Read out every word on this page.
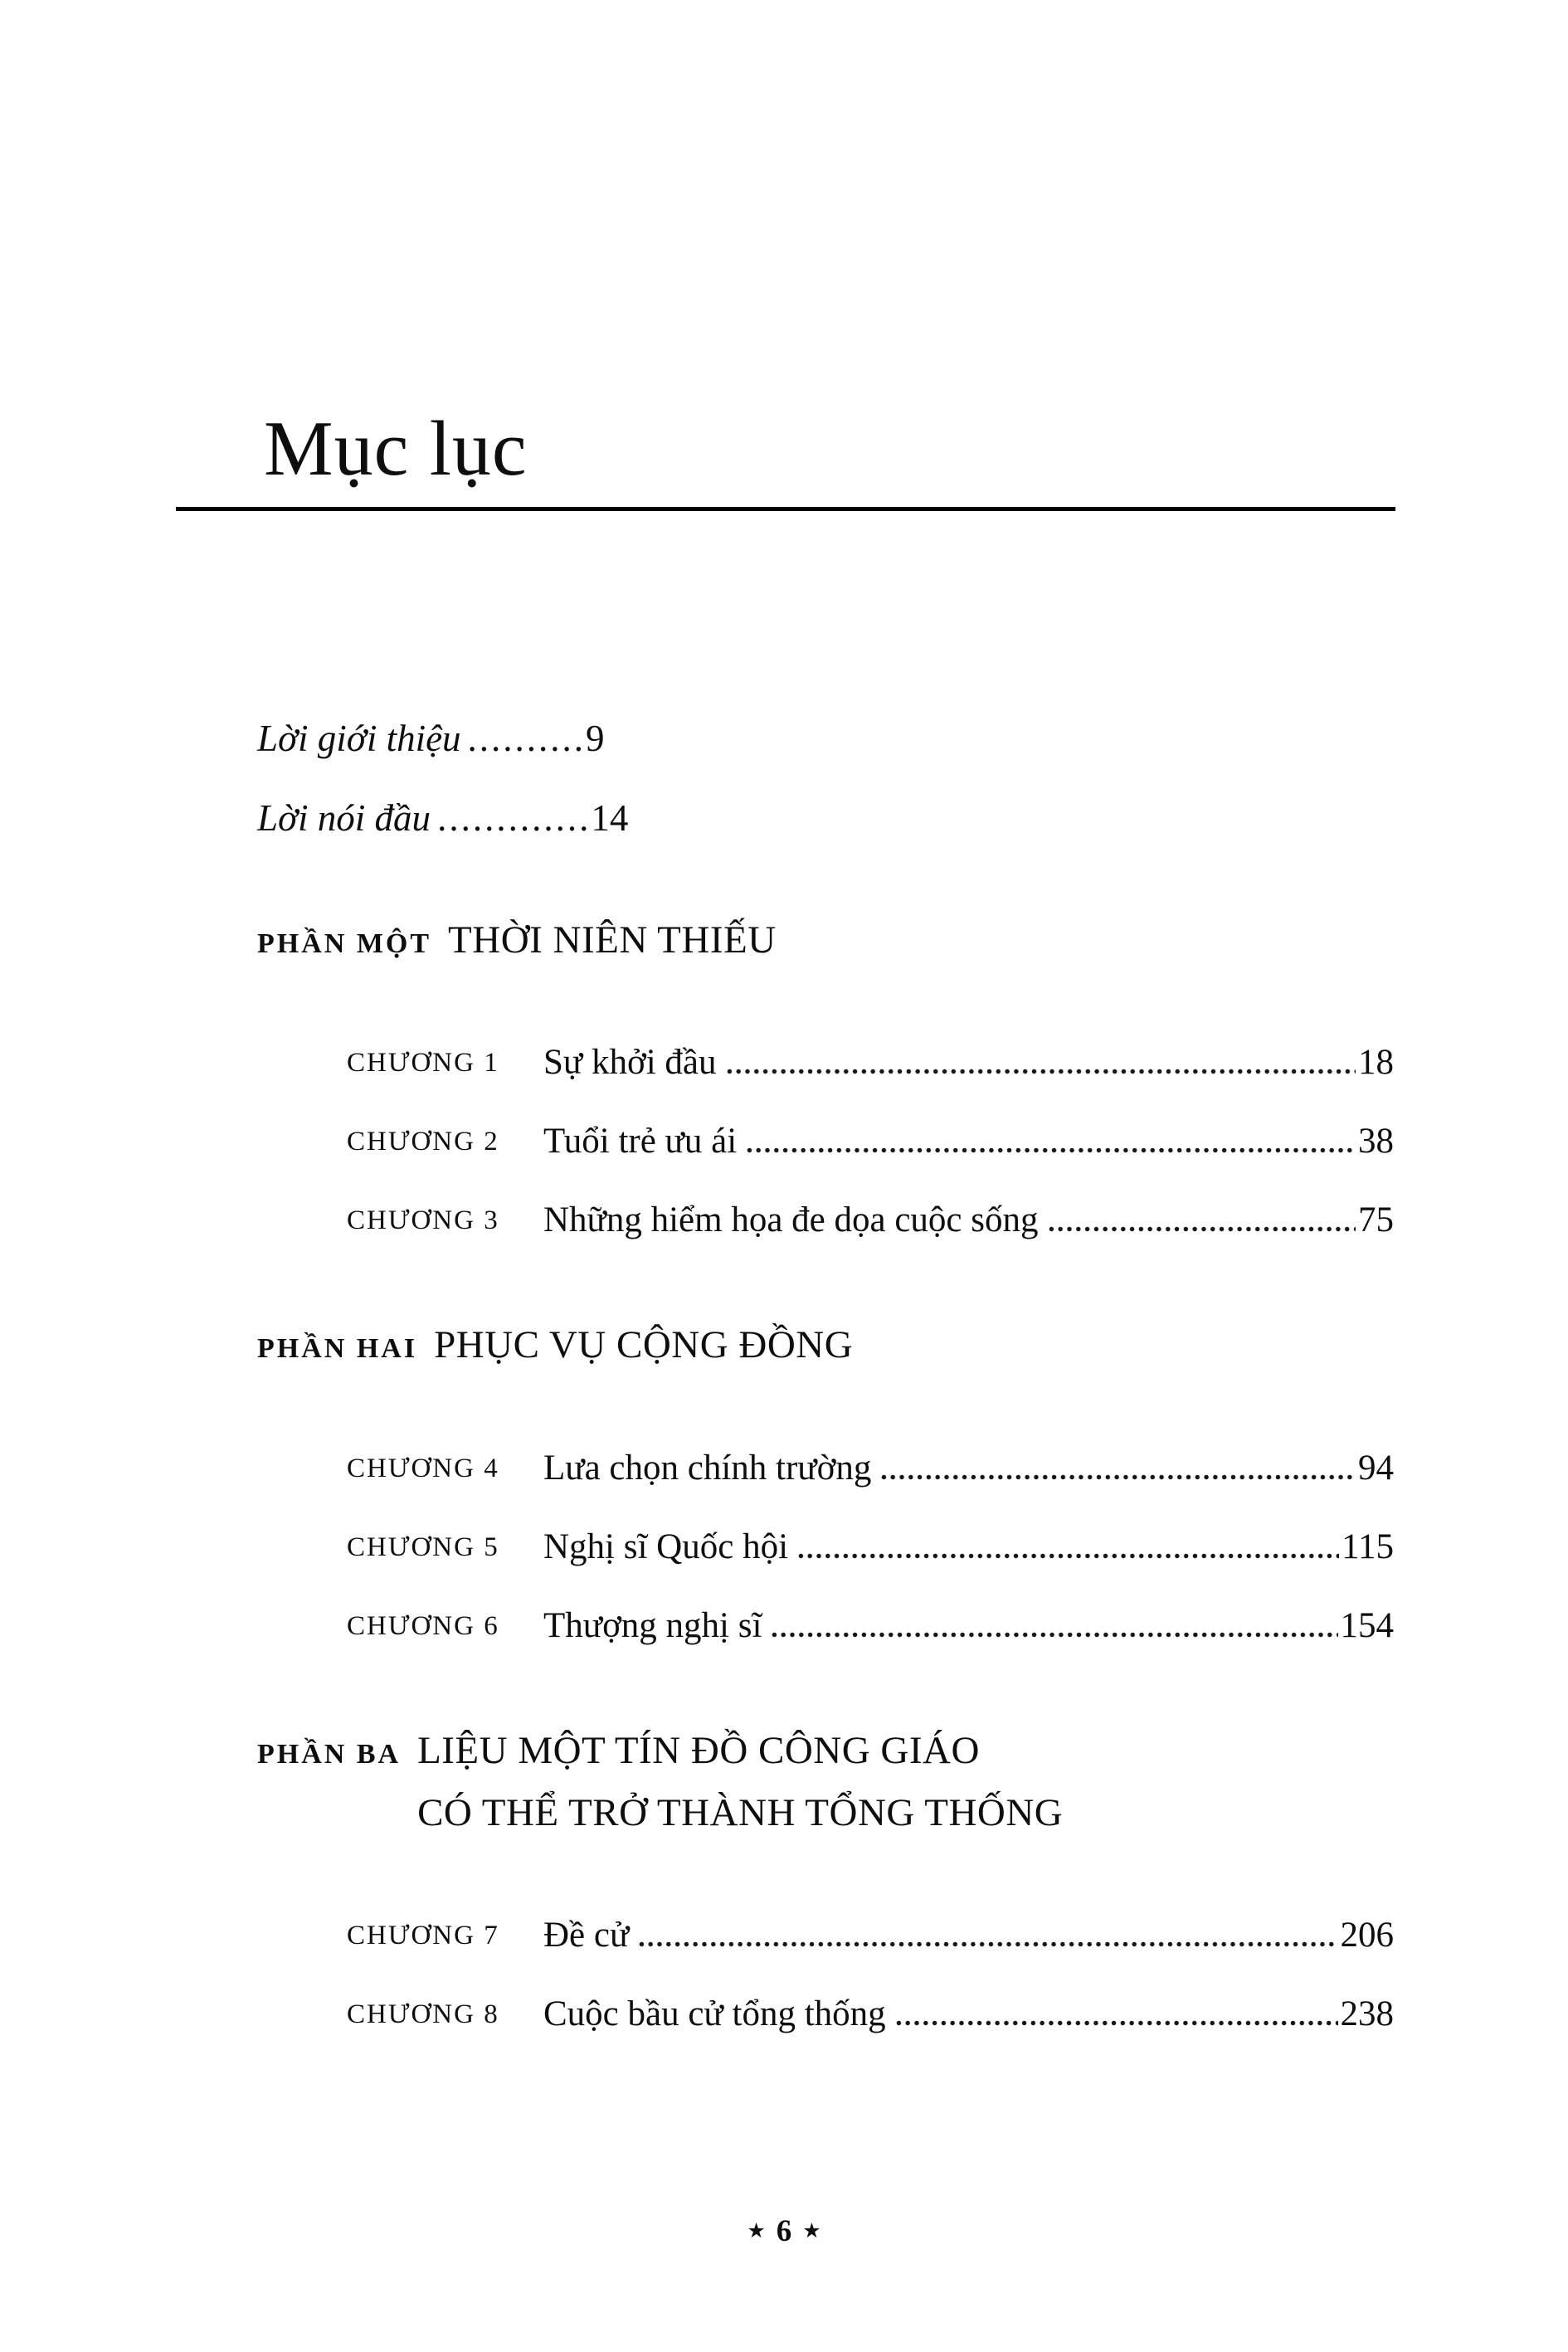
Mục lục
Lời giới thiệu ..........9
Lời nói đầu .............14
PHẦN MỘT THỜI NIÊN THIẾU
CHƯƠNG 1	Sự khởi đầu	18
CHƯƠNG 2	Tuổi trẻ ưu ái	38
CHƯƠNG 3	Những hiểm họa đe dọa cuộc sống	75
PHẦN HAI PHỤC VỤ CỘNG ĐỒNG
CHƯƠNG 4	Lưa chọn chính trường	94
CHƯƠNG 5	Nghị sĩ Quốc hội	115
CHƯƠNG 6	Thượng nghị sĩ	154
PHẦN BA LIỆU MỘT TÍN ĐỒ CÔNG GIÁO
CÓ THỂ TRỞ THÀNH TỔNG THỐNG
CHƯƠNG 7	Đề cử	206
CHƯƠNG 8	Cuộc bầu cử tổng thống	238
★ 6 ★
